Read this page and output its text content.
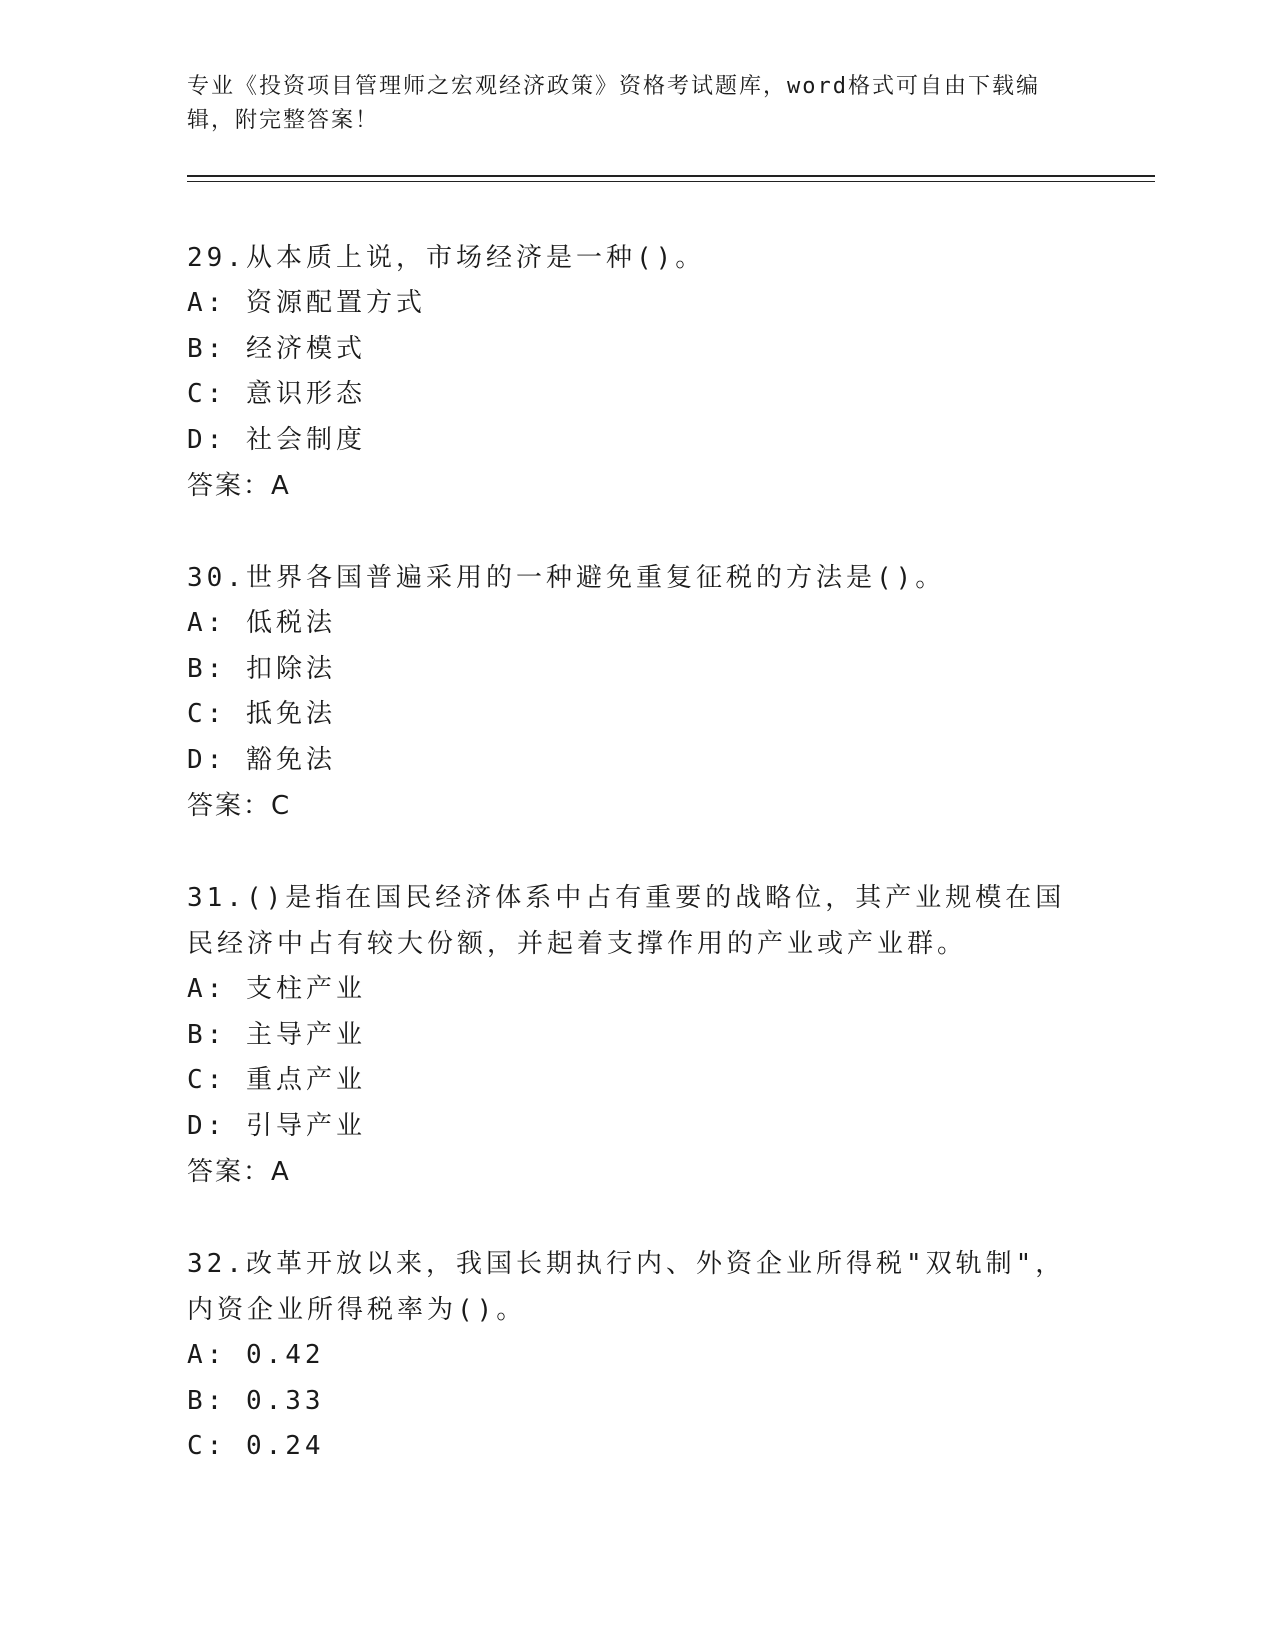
专业《投资项目管理师之宏观经济政策》资格考试题库，word格式可自由下载编辑，附完整答案！

29.从本质上说，市场经济是一种()。

A: 资源配置方式

B: 经济模式

C: 意识形态

D: 社会制度

答案：A

30.世界各国普遍采用的一种避免重复征税的方法是()。

A: 低税法

B: 扣除法

C: 抵免法

D: 豁免法

答案：C

31.()是指在国民经济体系中占有重要的战略位，其产业规模在国民经济中占有较大份额，并起着支撑作用的产业或产业群。

A: 支柱产业

B: 主导产业

C: 重点产业

D: 引导产业

答案：A

32.改革开放以来，我国长期执行内、外资企业所得税"双轨制"，内资企业所得税率为()。

A: 0.42

B: 0.33

C: 0.24
